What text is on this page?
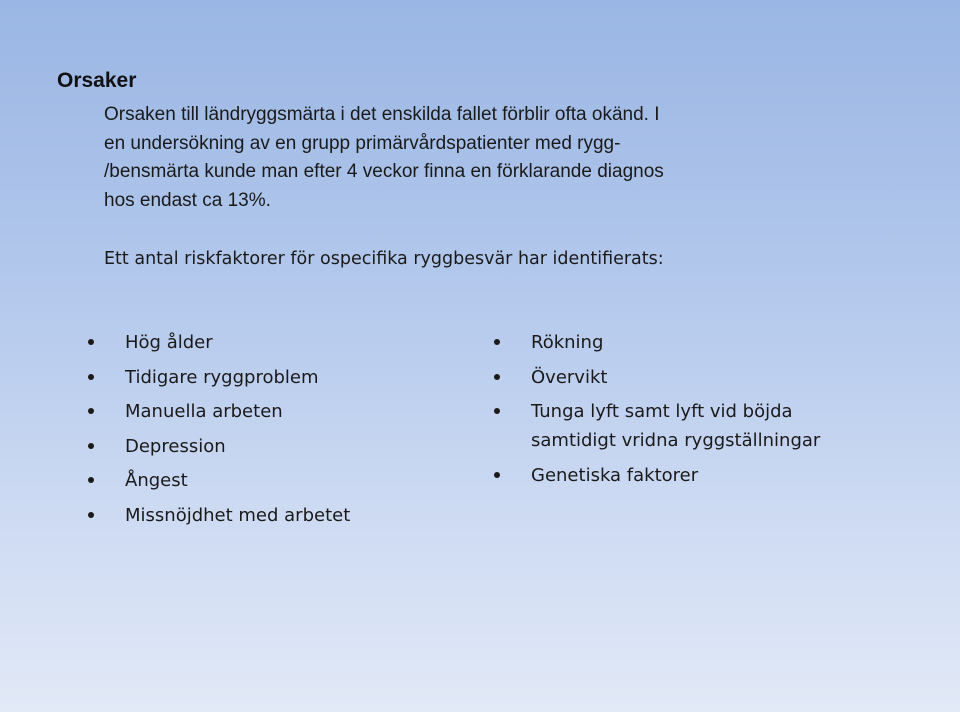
Orsaker
Orsaken till ländryggsmärta i det enskilda fallet förblir ofta okänd. I
en undersökning av en grupp primärvårdspatienter med rygg-
/bensmärta kunde man efter 4 veckor finna en förklarande diagnos
hos endast ca 13%.
Ett antal riskfaktorer för ospecifika ryggbesvär har identifierats:
Hög ålder
Tidigare ryggproblem
Manuella arbeten
Depression
Ångest
Missnöjdhet med arbetet
Rökning
Övervikt
Tunga lyft samt lyft vid böjda
samtidigt vridna ryggställningar
Genetiska faktorer
